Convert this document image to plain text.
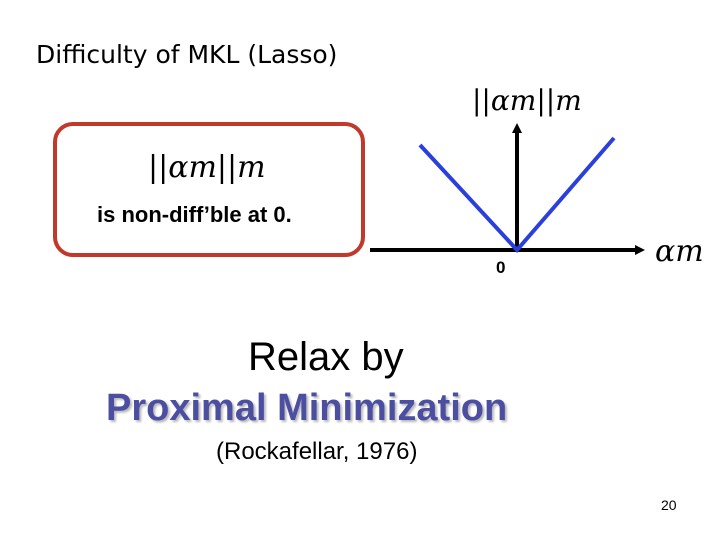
Difficulty of MKL (Lasso)
||αm||m
is non-diff’ble at 0.
||αm||m
αm
0
Relax by
Proximal Minimization
(Rockafellar, 1976)
20
